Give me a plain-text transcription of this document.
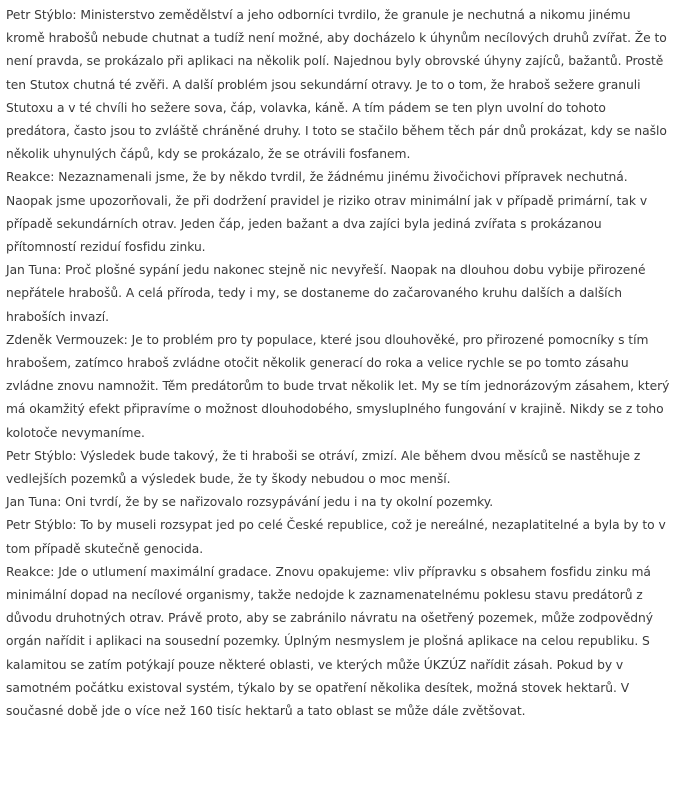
Petr Stýblo: Ministerstvo zemědělství a jeho odborníci tvrdilo, že granule je nechutná a nikomu jinému kromě hrabošů nebude chutnat a tudíž není možné, aby docházelo k úhynům necílových druhů zvířat. Že to není pravda, se prokázalo při aplikaci na několik polí. Najednou byly obrovské úhyny zajíců, bažantů. Prostě ten Stutox chutná té zvěři. A další problém jsou sekundární otravy. Je to o tom, že hraboš sežere granuli Stutoxu a v té chvíli ho sežere sova, čáp, volavka, káně. A tím pádem se ten plyn uvolní do tohoto predátora, často jsou to zvláště chráněné druhy. I toto se stačilo během těch pár dnů prokázat, kdy se našlo několik uhynulých čápů, kdy se prokázalo, že se otrávili fosfanem.

Reakce: Nezaznamenali jsme, že by někdo tvrdil, že žádnému jinému živočichovi přípravek nechutná. Naopak jsme upozorňovali, že při dodržení pravidel je riziko otrav minimální jak v případě primární, tak v případě sekundárních otrav. Jeden čáp, jeden bažant a dva zajíci byla jediná zvířata s prokázanou přítomností reziduí fosfidu zinku.

Jan Tuna: Proč plošné sypání jedu nakonec stejně nic nevyřeší. Naopak na dlouhou dobu vybije přirozené nepřátele hrabošů. A celá příroda, tedy i my, se dostaneme do začarovaného kruhu dalších a dalších hraboších invazí.

Zdeněk Vermouzek: Je to problém pro ty populace, které jsou dlouhověké, pro přirozené pomocníky s tím hrabošem, zatímco hraboš zvládne otočit několik generací do roka a velice rychle se po tomto zásahu zvládne znovu namnožit. Těm predátorům to bude trvat několik let. My se tím jednorázovým zásahem, který má okamžitý efekt připravíme o možnost dlouhodobého, smysluplného fungování v krajině. Nikdy se z toho kolotoče nevymaníme.

Petr Stýblo: Výsledek bude takový, že ti hraboši se otráví, zmizí. Ale během dvou měsíců se nastěhuje z vedlejších pozemků a výsledek bude, že ty škody nebudou o moc menší.

Jan Tuna: Oni tvrdí, že by se nařizovalo rozsypávání jedu i na ty okolní pozemky.

Petr Stýblo: To by museli rozsypat jed po celé České republice, což je nereálné, nezaplatitelné a byla by to v tom případě skutečně genocida.

Reakce: Jde o utlumení maximální gradace. Znovu opakujeme: vliv přípravku s obsahem fosfidu zinku má minimální dopad na necílové organismy, takže nedojde k zaznamenatelnému poklesu stavu predátorů z důvodu druhotných otrav. Právě proto, aby se zabránilo návratu na ošetřený pozemek, může zodpovědný orgán nařídit i aplikaci na sousední pozemky. Úplným nesmyslem je plošná aplikace na celou republiku. S kalamitou se zatím potýkají pouze některé oblasti, ve kterých může ÚKZÚZ nařídit zásah. Pokud by v samotném počátku existoval systém, týkalo by se opatření několika desítek, možná stovek hektarů. V současné době jde o více než 160 tisíc hektarů a tato oblast se může dále zvětšovat.
